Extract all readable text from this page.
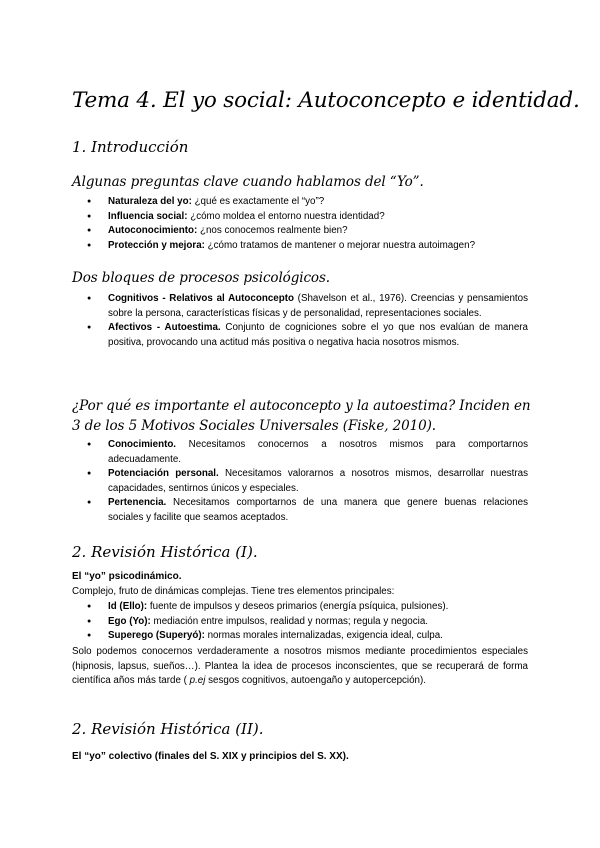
Tema 4. El yo social: Autoconcepto e identidad.
1. Introducción
Algunas preguntas clave cuando hablamos del “Yo”.
● Naturaleza del yo: ¿qué es exactamente el “yo”?
● Influencia social: ¿cómo moldea el entorno nuestra identidad?
● Autoconocimiento: ¿nos conocemos realmente bien?
● Protección y mejora: ¿cómo tratamos de mantener o mejorar nuestra autoimagen?
Dos bloques de procesos psicológicos.
● Cognitivos - Relativos al Autoconcepto (Shavelson et al., 1976). Creencias y pensamientos sobre la persona, características físicas y de personalidad, representaciones sociales.
● Afectivos - Autoestima. Conjunto de cogniciones sobre el yo que nos evalúan de manera positiva, provocando una actitud más positiva o negativa hacia nosotros mismos.
¿Por qué es importante el autoconcepto y la autoestima? Inciden en 3 de los 5 Motivos Sociales Universales (Fiske, 2010).
● Conocimiento. Necesitamos conocernos a nosotros mismos para comportarnos adecuadamente.
● Potenciación personal. Necesitamos valorarnos a nosotros mismos, desarrollar nuestras capacidades, sentirnos únicos y especiales.
● Pertenencia. Necesitamos comportarnos de una manera que genere buenas relaciones sociales y facilite que seamos aceptados.
2. Revisión Histórica (I).
El “yo” psicodinámico.
Complejo, fruto de dinámicas complejas. Tiene tres elementos principales:
● Id (Ello): fuente de impulsos y deseos primarios (energía psíquica, pulsiones).
● Ego (Yo): mediación entre impulsos, realidad y normas; regula y negocia.
● Superego (Superyó): normas morales internalizadas, exigencia ideal, culpa.
Solo podemos conocernos verdaderamente a nosotros mismos mediante procedimientos especiales (hipnosis, lapsus, sueños…). Plantea la idea de procesos inconscientes, que se recuperará de forma científica años más tarde ( p.ej sesgos cognitivos, autoengaño y autopercepción).
2. Revisión Histórica (II).
El “yo” colectivo (finales del S. XIX y principios del S. XX).
